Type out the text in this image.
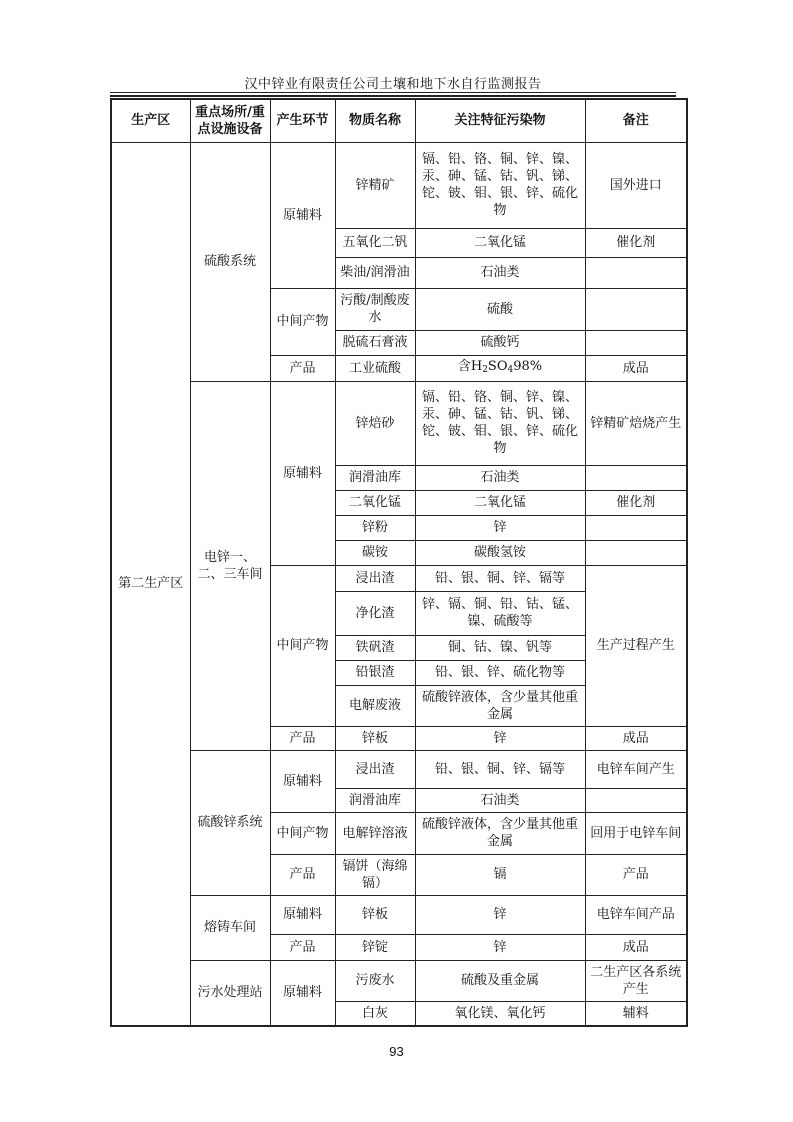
汉中锌业有限责任公司土壤和地下水自行监测报告
生产区	重点场所/重点设施设备	产生环节	物质名称	关注特征污染物	备注
第二生产区	硫酸系统	原辅料	锌精矿	镉、铅、铬、铜、锌、镍、汞、砷、锰、钴、钒、锑、铊、铍、钼、银、锌、硫化物	国外进口
			五氧化二钒	二氧化锰	催化剂
			柴油/润滑油	石油类	
		中间产物	污酸/制酸废水	硫酸	
			脱硫石膏液	硫酸钙	
		产品	工业硫酸	含$H_2SO_498\%$	成品
	电锌一、二、三车间	原辅料	锌焙砂	镉、铅、铬、铜、锌、镍、汞、砷、锰、钴、钒、锑、铊、铍、钼、银、锌、硫化物	锌精矿焙烧产生
			润滑油库	石油类	
			二氧化锰	二氧化锰	催化剂
			锌粉	锌	
			碳铵	碳酸氢铵	
		中间产物	浸出渣	铅、银、铜、锌、镉等	生产过程产生
			净化渣	锌、镉、铜、铅、钴、锰、镍、硫酸等	
			铁矾渣	铜、钴、镍、钒等	
			铅银渣	铅、银、锌、硫化物等	
			电解废液	硫酸锌液体，含少量其他重金属	
		产品	锌板	锌	成品
	硫酸锌系统	原辅料	浸出渣	铅、银、铜、锌、镉等	电锌车间产生
			润滑油库	石油类	
		中间产物	电解锌溶液	硫酸锌液体，含少量其他重金属	回用于电锌车间
		产品	镉饼（海绵镉）	镉	产品
	熔铸车间	原辅料	锌板	锌	电锌车间产品
		产品	锌锭	锌	成品
	污水处理站	原辅料	污废水	硫酸及重金属	二生产区各系统产生
			白灰	氧化镁、氧化钙	辅料
93
